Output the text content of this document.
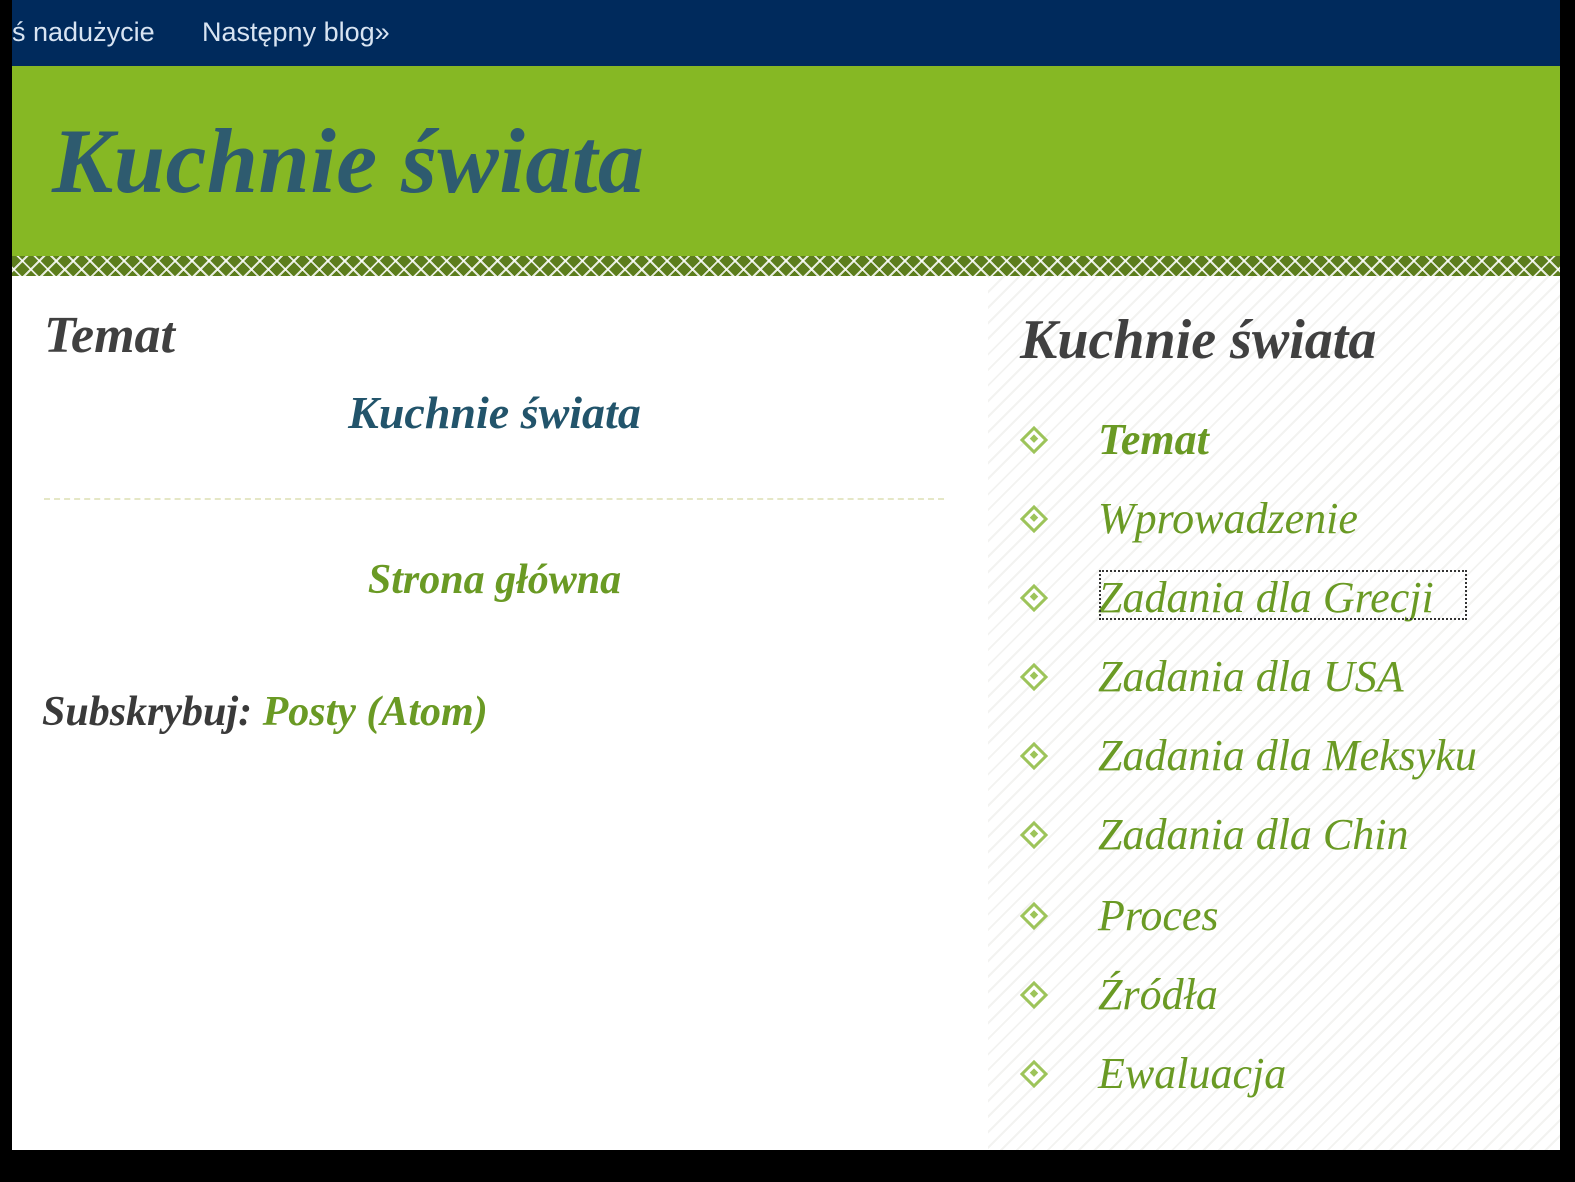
ś nadużycie Następny blog»
Kuchnie świata
Temat
Kuchnie świata
Strona główna
Subskrybuj: Posty (Atom)
Kuchnie świata
Temat
Wprowadzenie
Zadania dla Grecji
Zadania dla USA
Zadania dla Meksyku
Zadania dla Chin
Proces
Źródła
Ewaluacja
